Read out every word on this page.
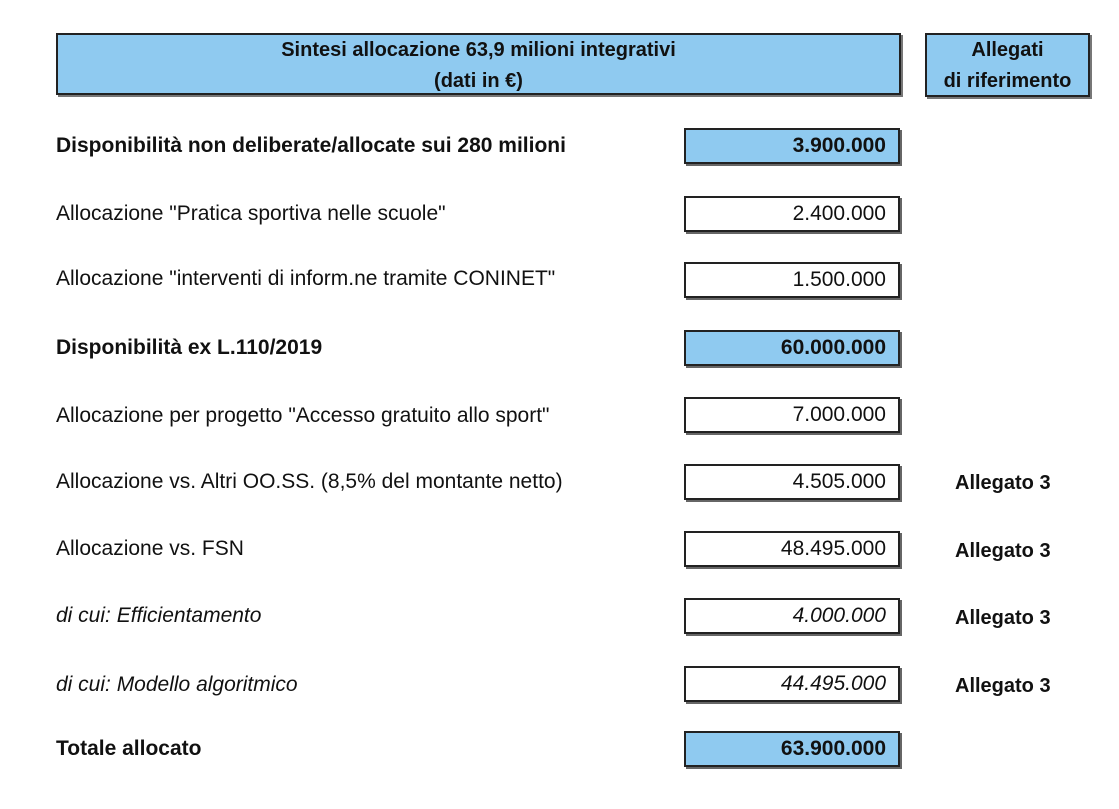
Sintesi allocazione 63,9 milioni integrativi
(dati in €)
Allegati
di riferimento
Disponibilità non deliberate/allocate sui 280 milioni	3.900.000
Allocazione "Pratica sportiva nelle scuole"	2.400.000
Allocazione "interventi di inform.ne tramite CONINET"	1.500.000
Disponibilità ex L.110/2019	60.000.000
Allocazione per progetto "Accesso gratuito allo sport"	7.000.000
Allocazione vs. Altri OO.SS. (8,5% del montante netto)	4.505.000	Allegato 3
Allocazione vs. FSN	48.495.000	Allegato 3
di cui: Efficientamento	4.000.000	Allegato 3
di cui: Modello algoritmico	44.495.000	Allegato 3
Totale allocato	63.900.000
